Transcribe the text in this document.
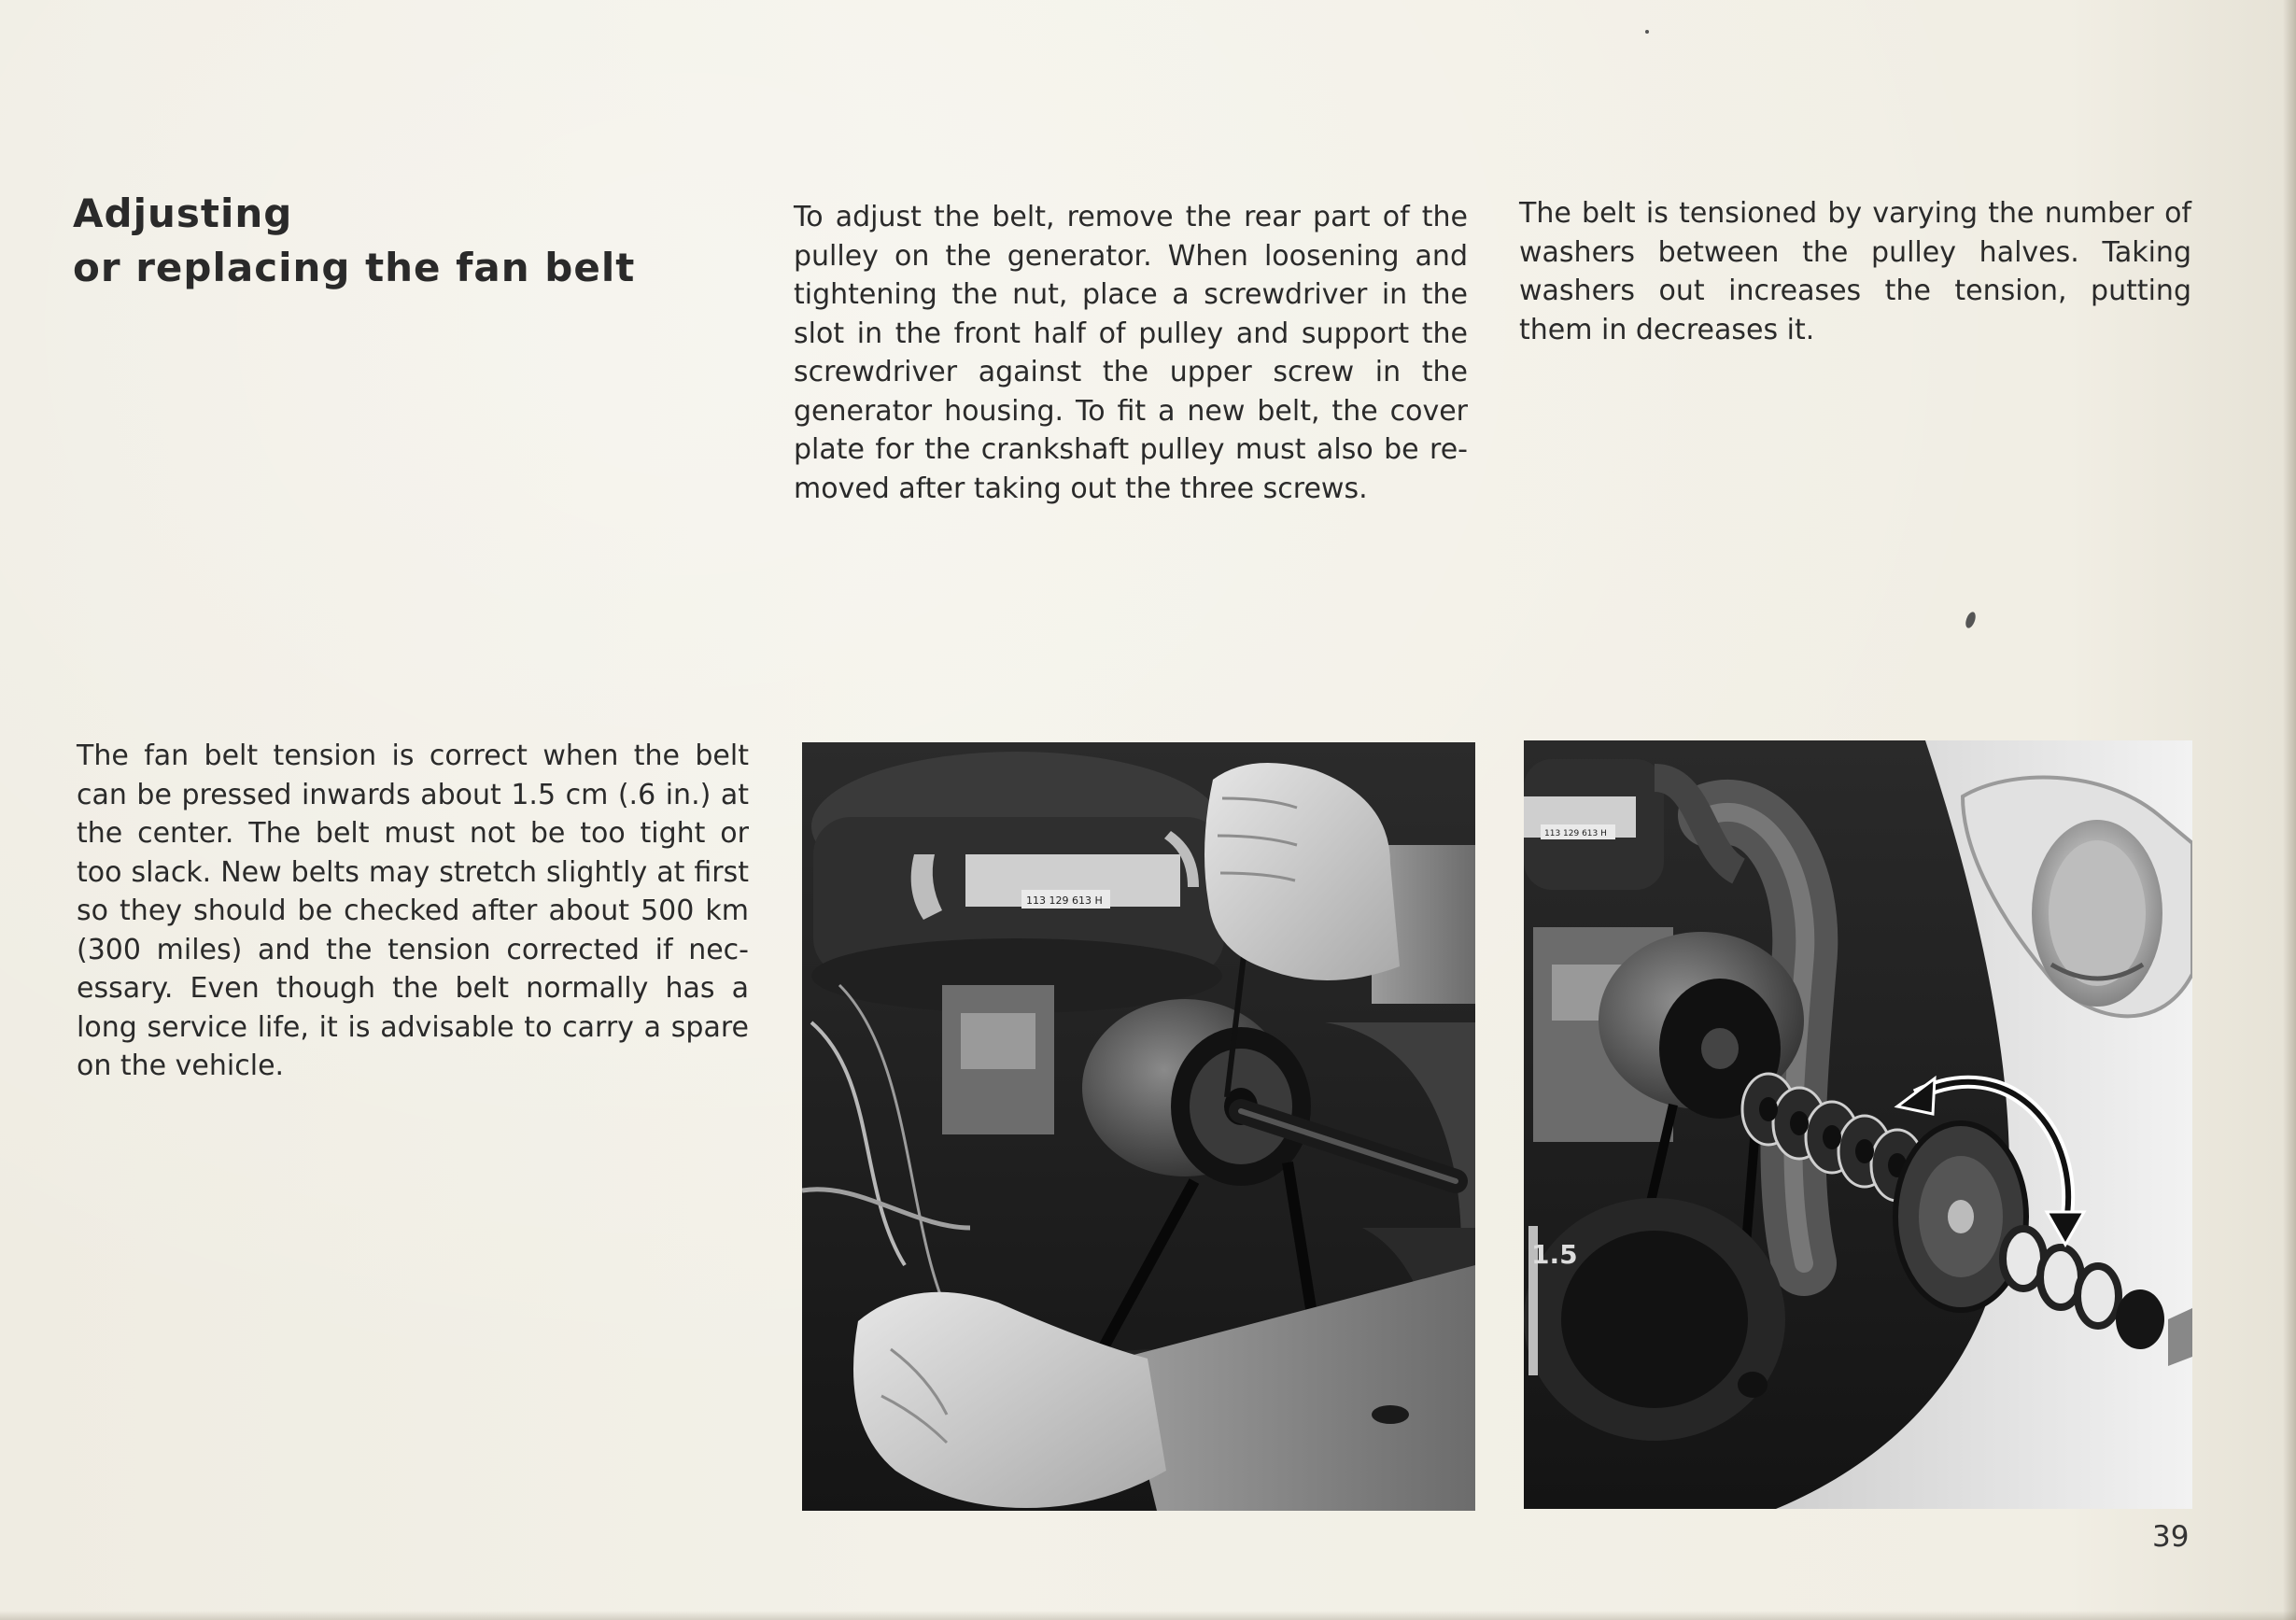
Adjusting
or replacing the fan belt

To adjust the belt, remove the rear part of the pulley on the generator. When loosening and tightening the nut, place a screwdriver in the slot in the front half of pulley and support the screwdriver against the upper screw in the generator housing. To fit a new belt, the cover plate for the crankshaft pulley must also be re-moved after taking out the three screws.

The belt is tensioned by varying the number of washers between the pulley halves. Taking washers out increases the tension, putting them in decreases it.

The fan belt tension is correct when the belt can be pressed inwards about 1.5 cm (.6 in.) at the center. The belt must not be too tight or too slack. New belts may stretch slightly at first so they should be checked after about 500 km (300 miles) and the tension corrected if nec-essary. Even though the belt normally has a long service life, it is advisable to carry a spare on the vehicle.

113 129 613 H
113 129 613 H
1.5

39
